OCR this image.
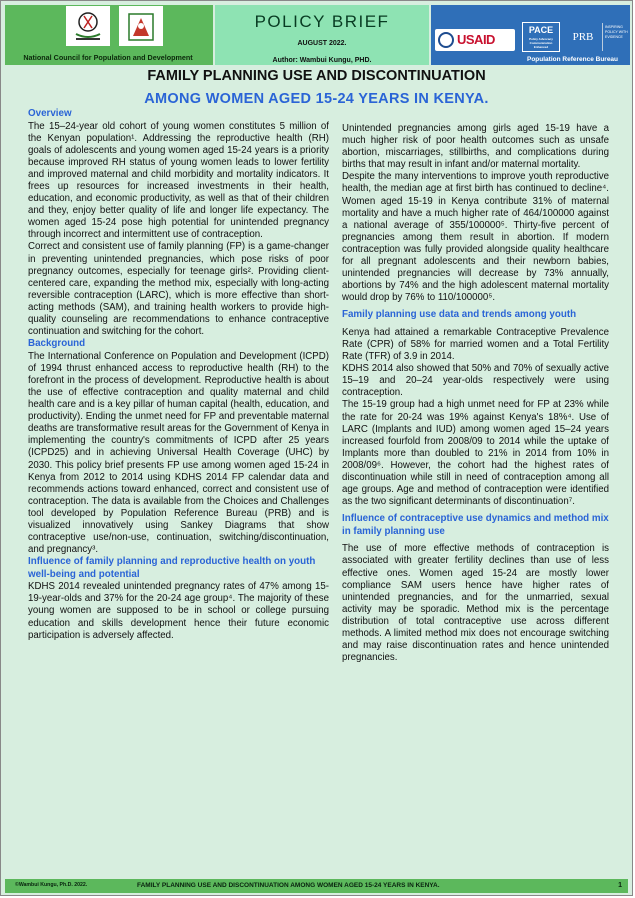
National Council for Population and Development
POLICY BRIEF
AUGUST 2022.
Author: Wambui Kungu, PHD.
USAID
PACE
Policy Advocacy Communication Enhanced
PRB
INSPIRING POLICY WITH EVIDENCE
Population Reference Bureau
FAMILY PLANNING USE AND DISCONTINUATION
AMONG WOMEN AGED 15-24 YEARS IN KENYA.
Overview

The 15–24-year old cohort of young women constitutes 5 million of the Kenyan population¹. Addressing the reproductive health (RH) goals of adolescents and young women aged 15-24 years is a priority because improved RH status of young women leads to lower fertility and improved maternal and child morbidity and mortality indicators. It frees up resources for increased investments in their health, education, and economic productivity, as well as that of their children and they, enjoy better quality of life and longer life expectancy. The women aged 15-24 pose high potential for unintended pregnancy through incorrect and intermittent use of contraception.

Correct and consistent use of family planning (FP) is a game-changer in preventing unintended pregnancies, which pose risks of poor pregnancy outcomes, especially for teenage girls². Providing client-centered care, expanding the method mix, especially with long-acting reversible contraception (LARC), which is more effective than short-acting methods (SAM), and training health workers to provide high-quality counseling are recommendations to enhance contraceptive continuation and switching for the cohort.

Background

The International Conference on Population and Development (ICPD) of 1994 thrust enhanced access to reproductive health (RH) to the forefront in the process of development. Reproductive health is about the use of effective contraception and quality maternal and child health care and is a key pillar of human capital (health, education, and productivity). Ending the unmet need for FP and preventable maternal deaths are transformative result areas for the Government of Kenya in implementing the country's commitments of ICPD after 25 years (ICPD25) and in achieving Universal Health Coverage (UHC) by 2030. This policy brief presents FP use among women aged 15-24 in Kenya from 2012 to 2014 using KDHS 2014 FP calendar data and recommends actions toward enhanced, correct and consistent use of contraception. The data is available from the Choices and Challenges tool developed by Population Reference Bureau (PRB) and is visualized innovatively using Sankey Diagrams that show contraceptive use/non-use, continuation, switching/discontinuation, and pregnancy³.

Influence of family planning and reproductive health on youth well-being and potential

KDHS 2014 revealed unintended pregnancy rates of 47% among 15-19-year-olds and 37% for the 20-24 age group⁴. The majority of these young women are supposed to be in school or college pursuing education and skills development hence their future economic participation is adversely affected.

Unintended pregnancies among girls aged 15-19 have a much higher risk of poor health outcomes such as unsafe abortion, miscarriages, stillbirths, and complications during births that may result in infant and/or maternal mortality.

Despite the many interventions to improve youth reproductive health, the median age at first birth has continued to decline⁴. Women aged 15-19 in Kenya contribute 31% of maternal mortality and have a much higher rate of 464/100000 against a national average of 355/100000⁵. Thirty-five percent of pregnancies among them result in abortion. If modern contraception was fully provided alongside quality healthcare for all pregnant adolescents and their newborn babies, unintended pregnancies will decrease by 73% annually, abortions by 74% and the high adolescent maternal mortality would drop by 76% to 110/100000⁵.

Family planning use data and trends among youth

Kenya had attained a remarkable Contraceptive Prevalence Rate (CPR) of 58% for married women and a Total Fertility Rate (TFR) of 3.9 in 2014.

KDHS 2014 also showed that 50% and 70% of sexually active 15–19 and 20–24 year-olds respectively were using contraception.

The 15-19 group had a high unmet need for FP at 23% while the rate for 20-24 was 19% against Kenya's 18%⁴. Use of LARC (Implants and IUD) among women aged 15–24 years increased fourfold from 2008/09 to 2014 while the uptake of Implants more than doubled to 21% in 2014 from 10% in 2008/09⁶. However, the cohort had the highest rates of discontinuation while still in need of contraception among all age groups. Age and method of contraception were identified as the two significant determinants of discontinuation⁷.

Influence of contraceptive use dynamics and method mix in family planning use

The use of more effective methods of contraception is associated with greater fertility declines than use of less effective ones. Women aged 15-24 are mostly lower compliance SAM users hence have higher rates of unintended pregnancies, and for the unmarried, sexual activity may be sporadic. Method mix is the percentage distribution of total contraceptive use across different methods. A limited method mix does not encourage switching and may raise discontinuation rates and hence unintended pregnancies.

©Wambui Kungu, Ph.D. 2022.	FAMILY PLANNING USE AND DISCONTINUATION AMONG WOMEN AGED 15-24 YEARS IN KENYA.	1
